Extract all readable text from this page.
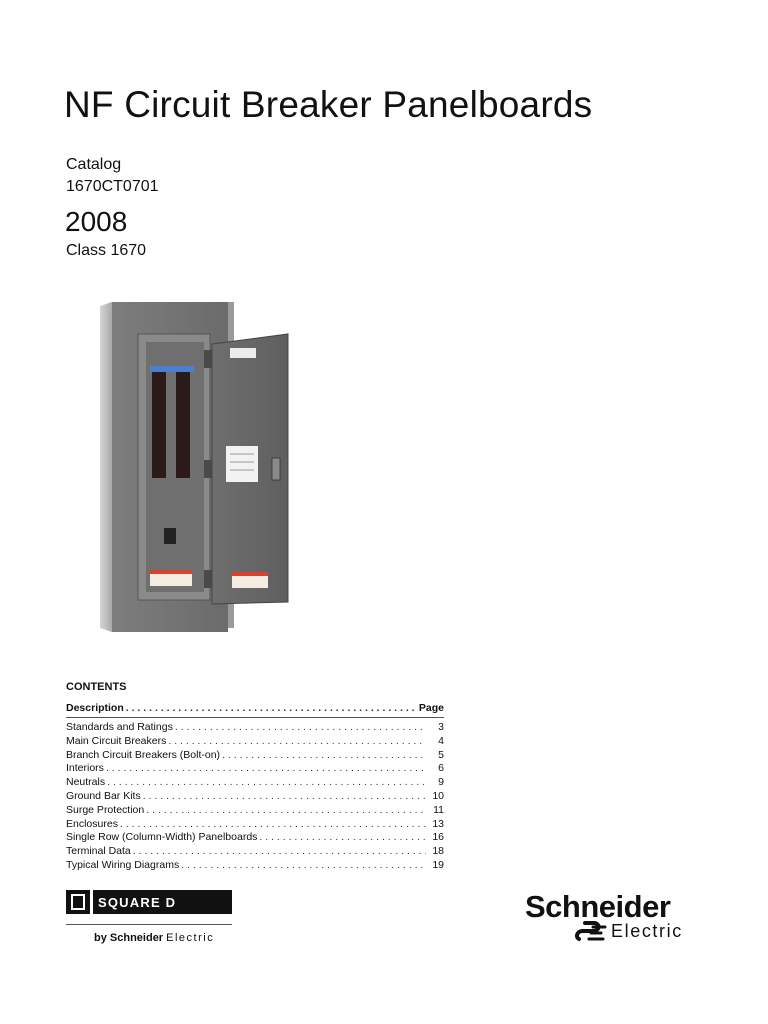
NF Circuit Breaker Panelboards
Catalog
1670CT0701
2008
Class 1670
CONTENTS
Description . . .	Page
Standards and Ratings . . .	3
Main Circuit Breakers . . .	4
Branch Circuit Breakers (Bolt-on) . . .	5
Interiors . . .	6
Neutrals . . .	9
Ground Bar Kits . . .	10
Surge Protection . . .	11
Enclosures . . .	13
Single Row (Column-Width) Panelboards . . .	16
Terminal Data . . .	18
Typical Wiring Diagrams . . .	19
SQUARE D
by Schneider Electric
Schneider
Electric
